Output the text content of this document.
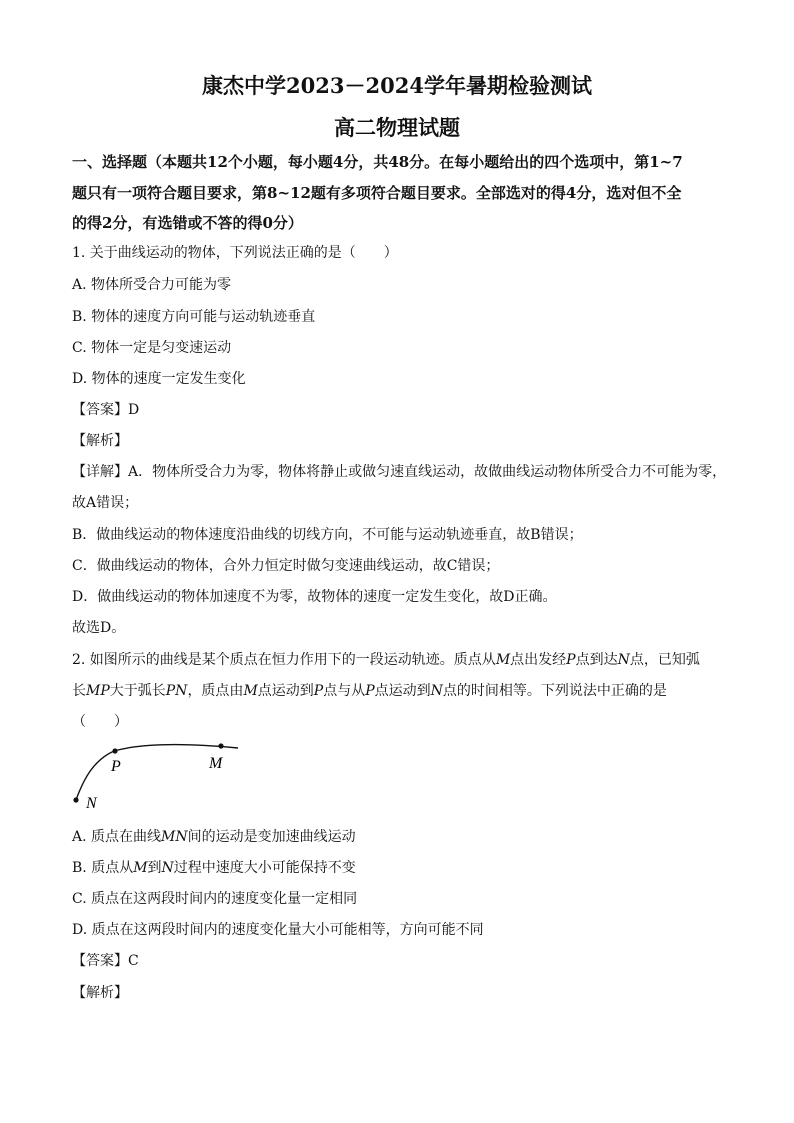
康杰中学2023－2024学年暑期检验测试
高二物理试题
一、选择题（本题共12个小题，每小题4分，共48分。在每小题给出的四个选项中，第1~7
题只有一项符合题目要求，第8~12题有多项符合题目要求。全部选对的得4分，选对但不全
的得2分，有选错或不答的得0分）
1. 关于曲线运动的物体，下列说法正确的是（　　）
A. 物体所受合力可能为零
B. 物体的速度方向可能与运动轨迹垂直
C. 物体一定是匀变速运动
D. 物体的速度一定发生变化
【答案】D
【解析】
【详解】A．物体所受合力为零，物体将静止或做匀速直线运动，故做曲线运动物体所受合力不可能为零，
故A错误；
B．做曲线运动的物体速度沿曲线的切线方向，不可能与运动轨迹垂直，故B错误；
C．做曲线运动的物体，合外力恒定时做匀变速曲线运动，故C错误；
D．做曲线运动的物体加速度不为零，故物体的速度一定发生变化，故D正确。
故选D。
2. 如图所示的曲线是某个质点在恒力作用下的一段运动轨迹。质点从M点出发经P点到达N点，已知弧
长MP大于弧长PN，质点由M点运动到P点与从P点运动到N点的时间相等。下列说法中正确的是
（　　）
P	M
N
A. 质点在曲线MN间的运动是变加速曲线运动
B. 质点从M到N过程中速度大小可能保持不变
C. 质点在这两段时间内的速度变化量一定相同
D. 质点在这两段时间内的速度变化量大小可能相等，方向可能不同
【答案】C
【解析】
